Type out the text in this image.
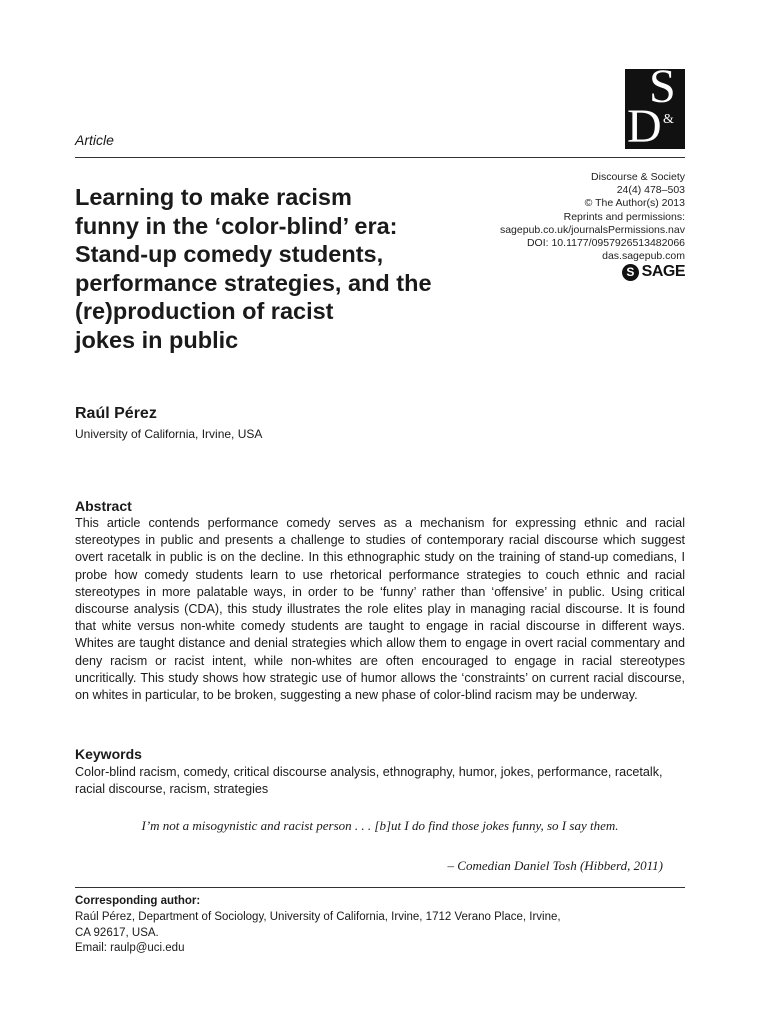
S
&
D
Article
Discourse & Society
24(4) 478–503
© The Author(s) 2013
Reprints and permissions:
sagepub.co.uk/journalsPermissions.nav
DOI: 10.1177/0957926513482066
das.sagepub.com
S SAGE
Learning to make racism
funny in the ‘color-blind’ era:
Stand-up comedy students,
performance strategies, and the
(re)production of racist
jokes in public
Raúl Pérez
University of California, Irvine, USA
Abstract

This article contends performance comedy serves as a mechanism for expressing ethnic and racial stereotypes in public and presents a challenge to studies of contemporary racial discourse which suggest overt racetalk in public is on the decline. In this ethnographic study on the training of stand-up comedians, I probe how comedy students learn to use rhetorical performance strategies to couch ethnic and racial stereotypes in more palatable ways, in order to be ‘funny’ rather than ‘offensive’ in public. Using critical discourse analysis (CDA), this study illustrates the role elites play in managing racial discourse. It is found that white versus non-white comedy students are taught to engage in racial discourse in different ways. Whites are taught distance and denial strategies which allow them to engage in overt racial commentary and deny racism or racist intent, while non-whites are often encouraged to engage in racial stereotypes uncritically. This study shows how strategic use of humor allows the ‘constraints’ on current racial discourse, on whites in particular, to be broken, suggesting a new phase of color-blind racism may be underway.

Keywords

Color-blind racism, comedy, critical discourse analysis, ethnography, humor, jokes, performance, racetalk, racial discourse, racism, strategies

I’m not a misogynistic and racist person . . . [b]ut I do find those jokes funny, so I say them.

– Comedian Daniel Tosh (Hibberd, 2011)
Corresponding author:

Raúl Pérez, Department of Sociology, University of California, Irvine, 1712 Verano Place, Irvine,
CA 92617, USA.
Email: raulp@uci.edu
